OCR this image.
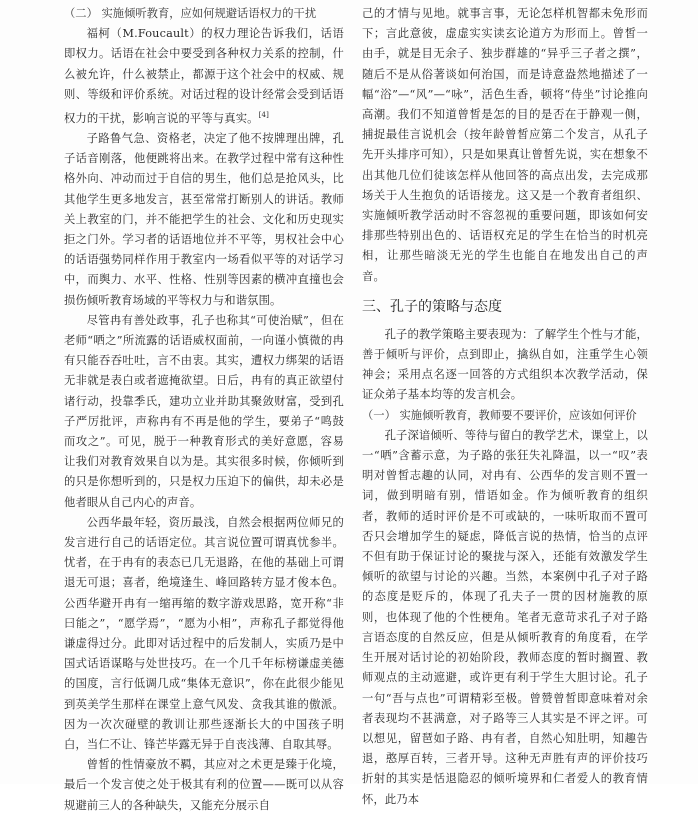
（二） 实施倾听教育，应如何规避话语权力的干扰

福柯（M.Foucault）的权力理论告诉我们，话语即权力。话语在社会中要受到各种权力关系的控制，什么被允许，什么被禁止，都源于这个社会中的权威、规则、等级和评价系统。对话过程的设计经常会受到话语权力的干扰，影响言说的平等与真实。[4]

子路鲁气急、资格老，决定了他不按牌理出牌，孔子话音刚落，他便跳将出来。在教学过程中常有这种性格外向、冲动而过于自信的男生，他们总是抢风头，比其他学生更多地发言，甚至常常打断别人的讲话。教师关上教室的门，并不能把学生的社会、文化和历史现实拒之门外。学习者的话语地位并不平等，男权社会中心的话语强势同样作用于教室内一场看似平等的对话学习中，而舆力、水平、性格、性别等因素的横冲直撞也会损伤倾听教育场域的平等权力与和谐氛围。

尽管冉有善处政事，孔子也称其“可使治赋”，但在老师“哂之”所流露的话语威权面前，一向谨小慎微的冉有只能吞吞吐吐，言不由衷。其实，遭权力绑架的话语无非就是表白或者遮掩欲望。日后，冉有的真正欲望付诸行动，投靠季氏，建功立业并助其聚敛财富，受到孔子严厉批评，声称冉有不再是他的学生，要弟子“鸣鼓而攻之”。可见，脱于一种教育形式的美好意愿，容易让我们对教育效果自以为是。其实很多时候，你倾听到的只是你想听到的，只是权力压迫下的偏供，却未必是他者眼从自己内心的声音。

公西华最年轻，资历最浅，自然会根据两位师兄的发言进行自己的话语定位。其言说位置可谓真忧参半。忧者，在于冉有的表态已几无退路，在他的基础上可谓退无可退；喜者，绝境逢生、峰回路转方显才俊本色。公西华避开冉有一缩再缩的数字游戏思路，宽开称“非曰能之”，“愿学焉”，“愿为小相”，声称孔子都觉得他谦虚得过分。此即对话过程中的后发制人，实质乃是中国式话语谋略与处世技巧。在一个几千年标榜谦虚美德的国度，言行低调几成“集体无意识”，你在此很少能见到英美学生那样在课堂上意气风发、贪我其谁的傲派。因为一次次碰壁的教训让那些逐渐长大的中国孩子明白，当仁不让、锋芒毕露无异于自丧浅薄、自取其辱。

曾皙的性情豪放不羁，其应对之术更是臻于化境，最后一个发言使之处于极其有利的位置——既可以从容规避前三人的各种缺失，又能充分展示自

己的才情与见地。就事言事，无论怎样机智都未免形而下；言此意彼，虚虚实实读玄论道方为形而上。曾皙一由手，就是目无余子、独步群雄的“异乎三子者之撰”，随后不是从俗著谈如何治国，而是诗意盎然地描述了一幅“浴”—“风”—“咏”，活色生香，顿将“侍坐”讨论推向高潮。我们不知道曾皙是怎的目的是否在于静观一侧，捕捉最佳言说机会（按年龄曾皙应第二个发言，从孔子先开头排序可知），只是如果真让曾皙先说，实在想象不出其他几位们徒该怎样从他回答的高点出发，去完成那场关于人生抱负的话语接龙。这又是一个教育者组织、实施倾听教学活动时不容忽视的重要问题，即该如何安排那些特别出色的、话语权充足的学生在恰当的时机亮相，让那些暗淡无光的学生也能自在地发出自己的声音。

三、孔子的策略与态度

孔子的教学策略主要表现为：了解学生个性与才能，善于倾听与评价，点到即止，擒纵自如，注重学生心领神会；采用点名逐一回答的方式组织本次教学活动，保证众弟子基本均等的发言机会。

（一） 实施倾听教育，教师要不要评价，应该如何评价

孔子深谙倾听、等待与留白的教学艺术，课堂上，以一“哂”含蓄示意，为子路的张狂失礼降温，以一“叹”表明对曾皙志趣的认同，对冉有、公西华的发言则不置一词，做到明暗有别，惜语如金。作为倾听教育的组织者，教师的适时评价是不可或缺的，一味听取而不置可否只会增加学生的疑虑，降低言说的热情，恰当的点评不但有助于保证讨论的聚拢与深入，还能有效激发学生倾听的欲望与讨论的兴趣。当然，本案例中孔子对子路的态度是贬斥的，体现了孔夫子一贯的因材施教的原则，也体现了他的个性梗角。笔者无意苛求孔子对子路言语态度的自然反应，但是从倾听教育的角度看，在学生开展对话讨论的初始阶段，教师态度的暂时搁置、教师观点的主动遮避，或许更有利于学生大胆讨论。孔子一句“吾与点也”可谓精彩至极。曾赞曾皙即意味着对余者表现均不甚满意，对子路等三人其实是不评之评。可以想见，留琶如子路、冉有者，自然心知肚明，知趣告退，憨厚百转，三者开导。这种无声胜有声的评价技巧折射的其实是恬退隐忍的倾听境界和仁者爱人的教育情怀，此乃本
